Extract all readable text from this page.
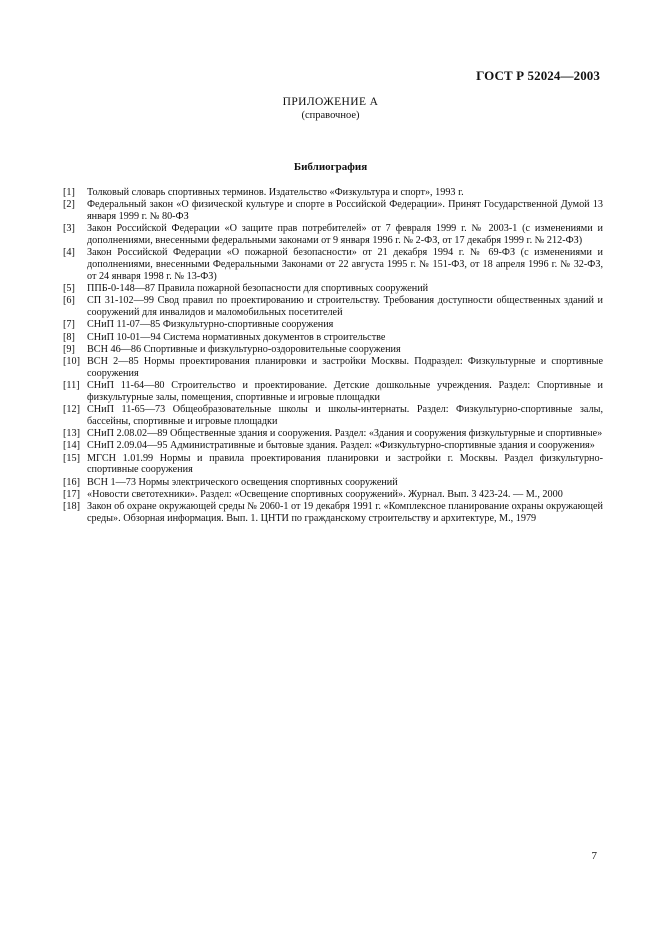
ГОСТ Р 52024—2003
ПРИЛОЖЕНИЕ А
(справочное)
Библиография
[1]	Толковый словарь спортивных терминов. Издательство «Физкультура и спорт», 1993 г.
[2]	Федеральный закон «О физической культуре и спорте в Российской Федерации». Принят Государственной Думой 13 января 1999 г. № 80-ФЗ
[3]	Закон Российской Федерации «О защите прав потребителей» от 7 февраля 1999 г. № 2003-1 (с изменениями и дополнениями, внесенными федеральными законами от 9 января 1996 г. № 2-ФЗ, от 17 декабря 1999 г. № 212-ФЗ)
[4]	Закон Российской Федерации «О пожарной безопасности» от 21 декабря 1994 г. № 69-ФЗ (с изменениями и дополнениями, внесенными Федеральными Законами от 22 августа 1995 г. № 151-ФЗ, от 18 апреля 1996 г. № 32-ФЗ, от 24 января 1998 г. № 13-ФЗ)
[5]	ППБ-0-148—87 Правила пожарной безопасности для спортивных сооружений
[6]	СП 31-102—99 Свод правил по проектированию и строительству. Требования доступности общественных зданий и сооружений для инвалидов и маломобильных посетителей
[7]	СНиП 11-07—85 Физкультурно-спортивные сооружения
[8]	СНиП 10-01—94 Система нормативных документов в строительстве
[9]	ВСН 46—86 Спортивные и физкультурно-оздоровительные сооружения
[10] ВСН 2—85 Нормы проектирования планировки и застройки Москвы. Подраздел: Физкультурные и спортивные сооружения
[11] СНиП 11-64—80 Строительство и проектирование. Детские дошкольные учреждения. Раздел: Спортивные и физкультурные залы, помещения, спортивные и игровые площадки
[12] СНиП 11-65—73 Общеобразовательные школы и школы-интернаты. Раздел: Физкультурно-спортивные залы, бассейны, спортивные и игровые площадки
[13] СНиП 2.08.02—89 Общественные здания и сооружения. Раздел: «Здания и сооружения физкультурные и спортивные»
[14] СНиП 2.09.04—95 Административные и бытовые здания. Раздел: «Физкультурно-спортивные здания и сооружения»
[15] МГСН 1.01.99 Нормы и правила проектирования планировки и застройки г. Москвы. Раздел физкультурно-спортивные сооружения
[16] ВСН 1—73 Нормы электрического освещения спортивных сооружений
[17] «Новости светотехники». Раздел: «Освещение спортивных сооружений». Журнал. Вып. 3 423-24. — М., 2000
[18] Закон об охране окружающей среды № 2060-1 от 19 декабря 1991 г. «Комплексное планирование охраны окружающей среды». Обзорная информация. Вып. 1. ЦНТИ по гражданскому строительству и архитектуре, М., 1979
7
